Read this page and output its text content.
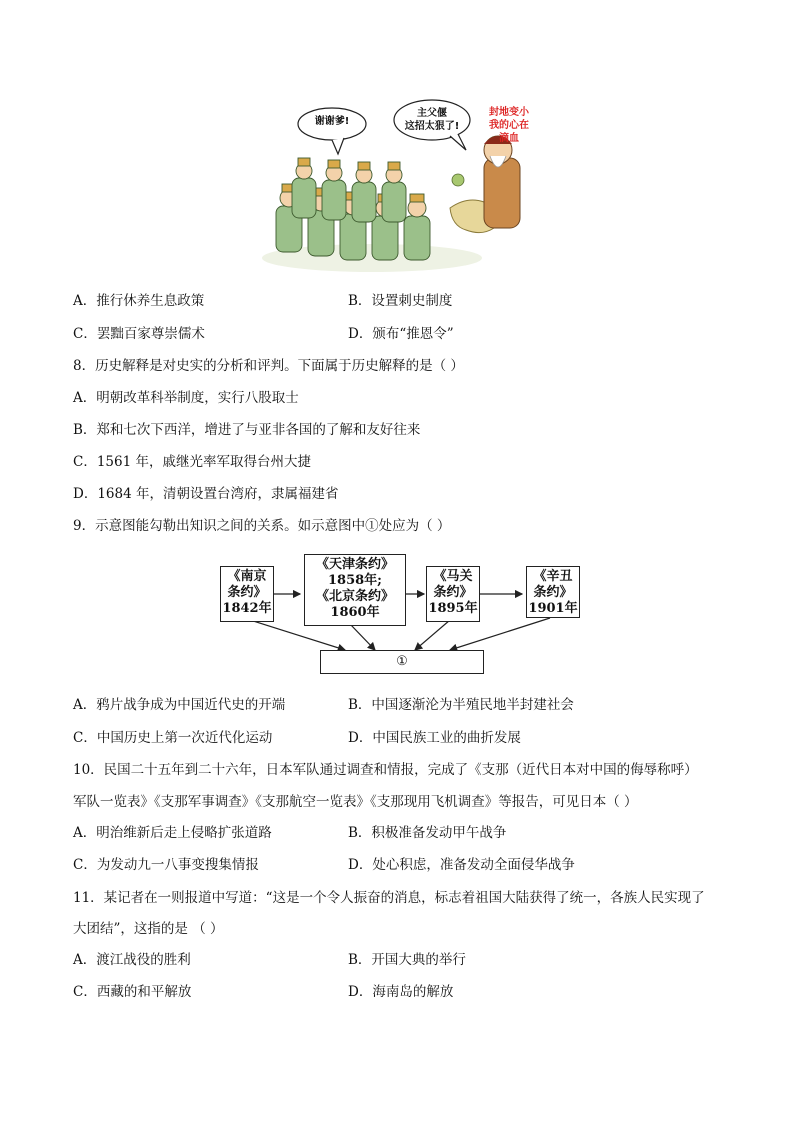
谢谢爹!
主父偃
这招太狠了!
封地变小
我的心在
滴血
A．推行休养生息政策	B．设置刺史制度
C．罢黜百家尊崇儒术	D．颁布“推恩令”
8．历史解释是对史实的分析和评判。下面属于历史解释的是（ ）
A．明朝改革科举制度，实行八股取士
B．郑和七次下西洋，增进了与亚非各国的了解和友好往来
C．1561 年，戚继光率军取得台州大捷
D．1684 年，清朝设置台湾府，隶属福建省
9．示意图能勾勒出知识之间的关系。如示意图中①处应为（ ）
《南京
条约》
1842年
《天津条约》
1858年;
《北京条约》
1860年
《马关
条约》
1895年
《辛丑
条约》
1901年
①
A．鸦片战争成为中国近代史的开端	B．中国逐渐沦为半殖民地半封建社会
C．中国历史上第一次近代化运动	D．中国民族工业的曲折发展
10．民国二十五年到二十六年，日本军队通过调查和情报，完成了《支那（近代日本对中国的侮辱称呼）
军队一览表》《支那军事调查》《支那航空一览表》《支那现用飞机调查》等报告，可见日本（ ）
A．明治维新后走上侵略扩张道路	B．积极准备发动甲午战争
C．为发动九一八事变搜集情报	D．处心积虑，准备发动全面侵华战争
11．某记者在一则报道中写道：“这是一个令人振奋的消息，标志着祖国大陆获得了统一，各族人民实现了
大团结”，这指的是 （ ）
A．渡江战役的胜利	B．开国大典的举行
C．西藏的和平解放	D．海南岛的解放
